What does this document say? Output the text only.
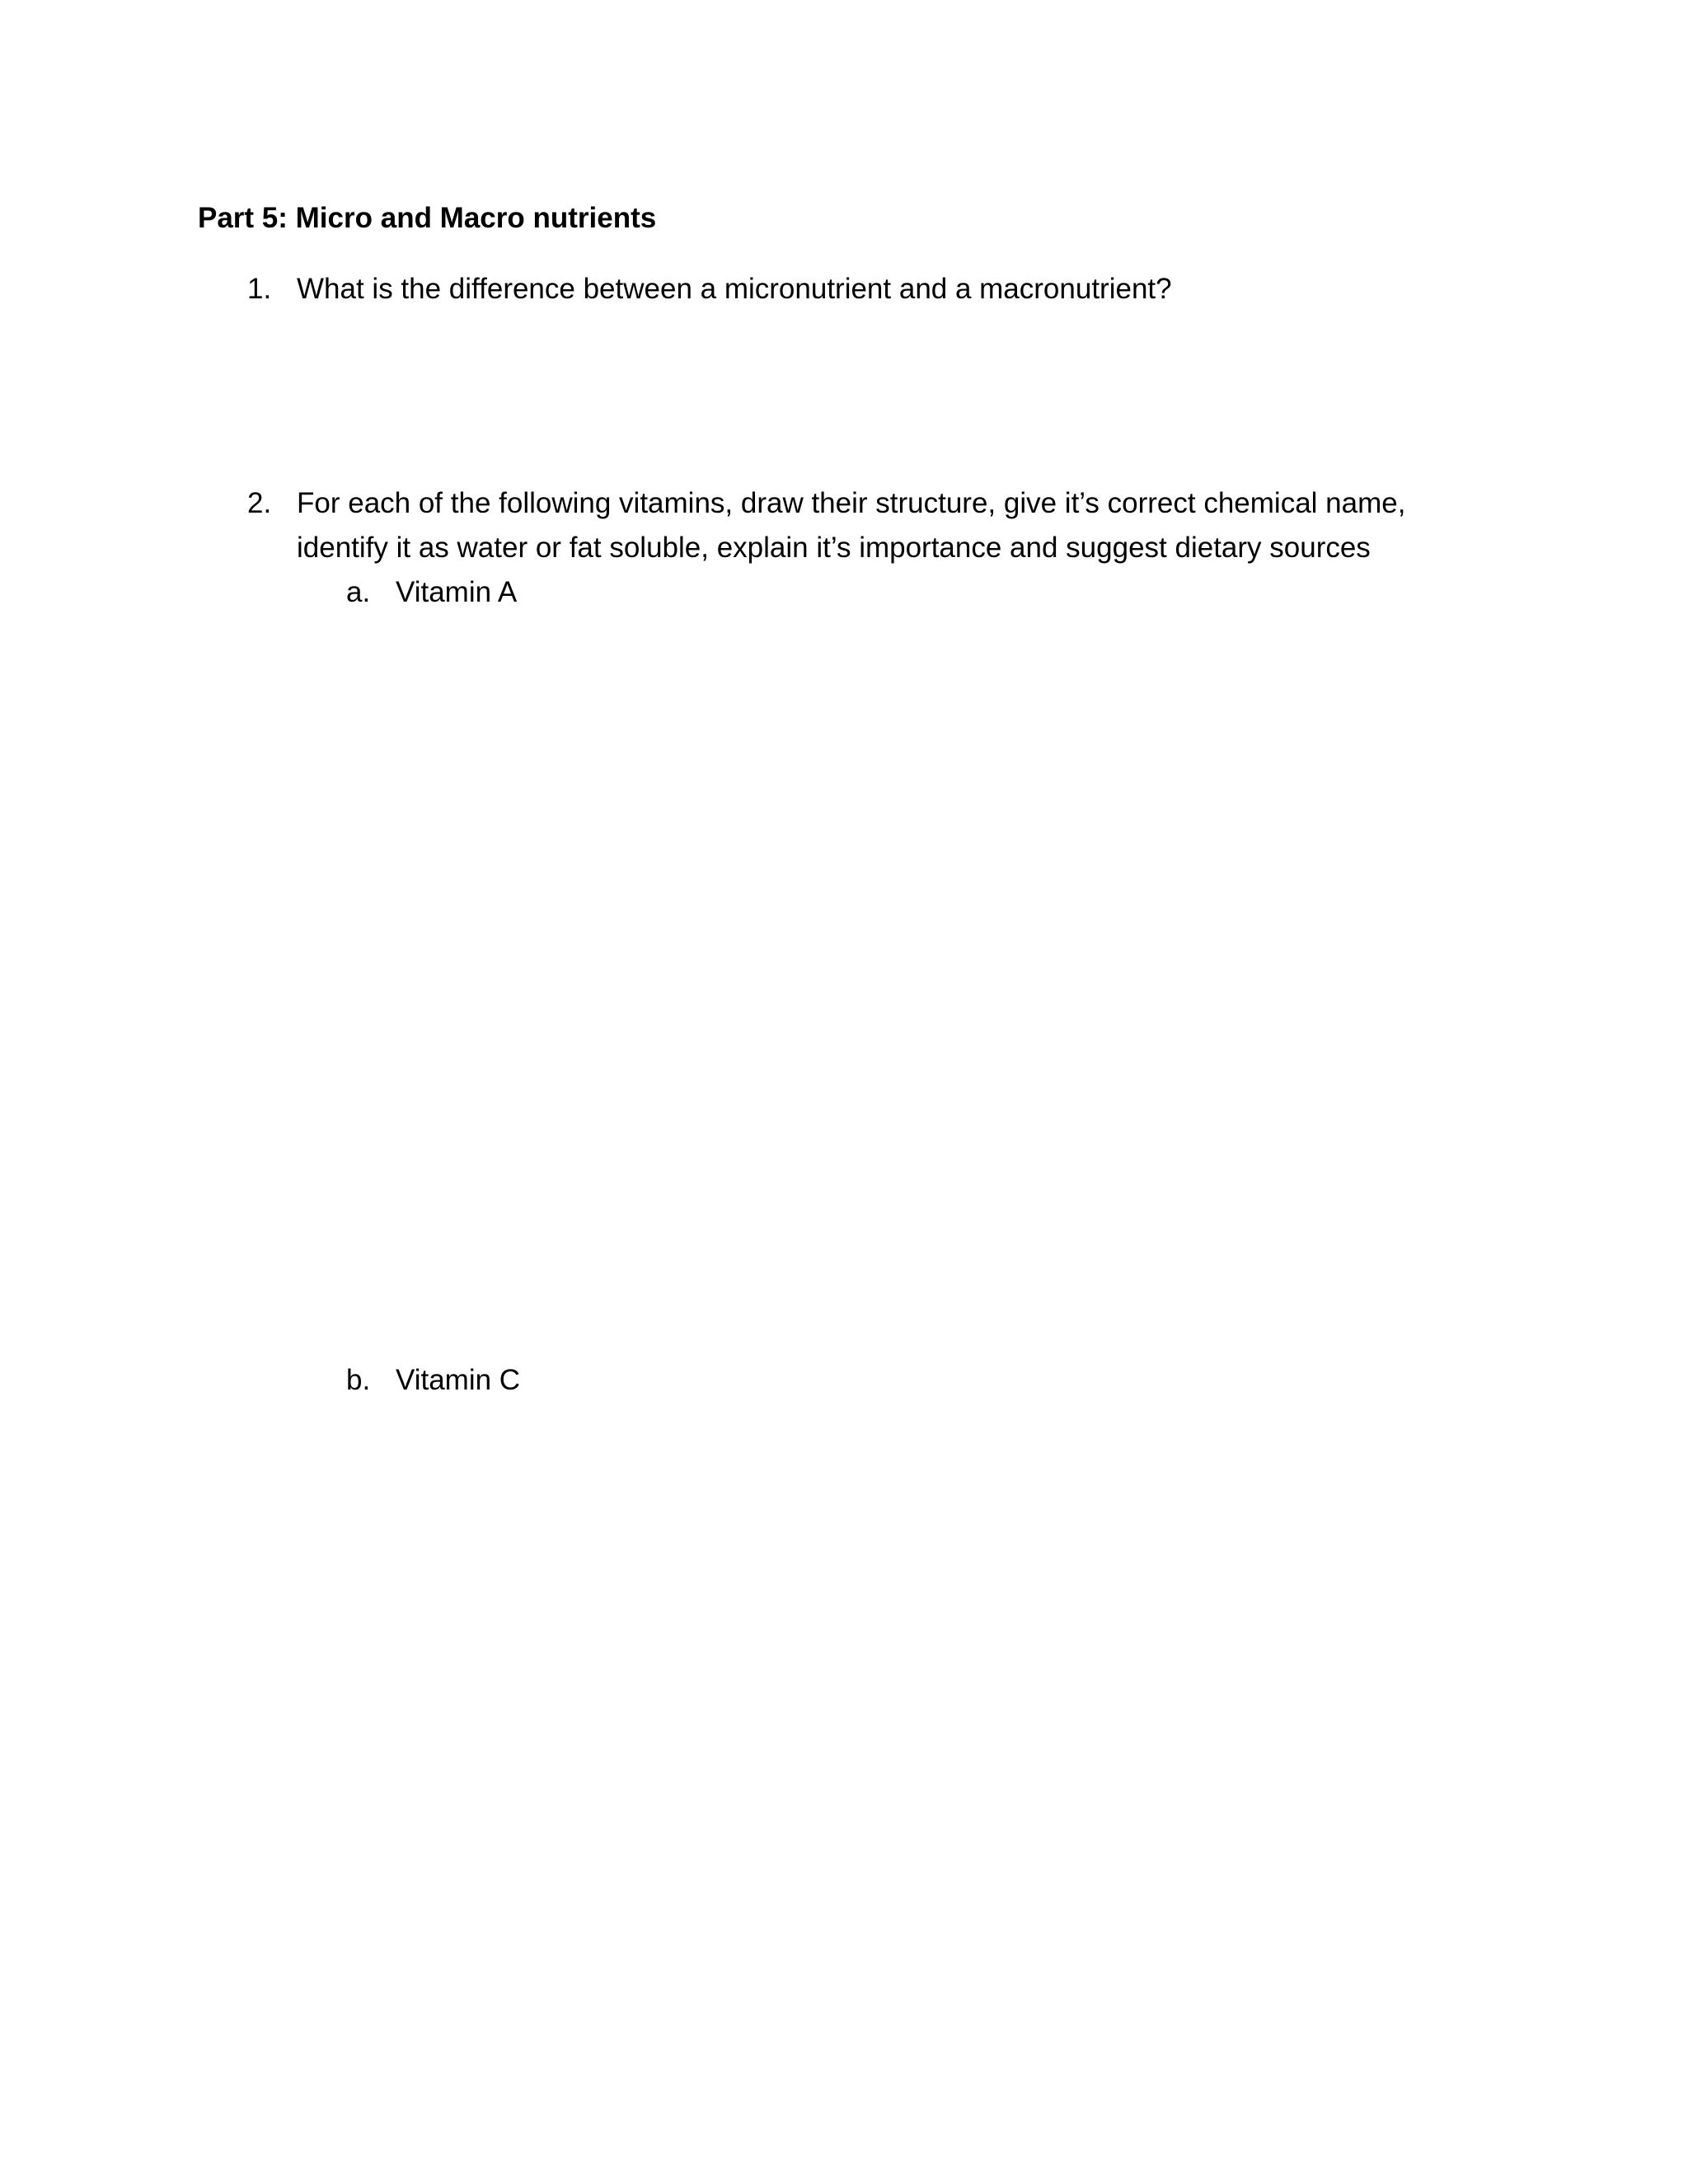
Part 5: Micro and Macro nutrients
1. What is the difference between a micronutrient and a macronutrient?
2. For each of the following vitamins, draw their structure, give it’s correct chemical name, identify it as water or fat soluble, explain it’s importance and suggest dietary sources
a. Vitamin A
b. Vitamin C
